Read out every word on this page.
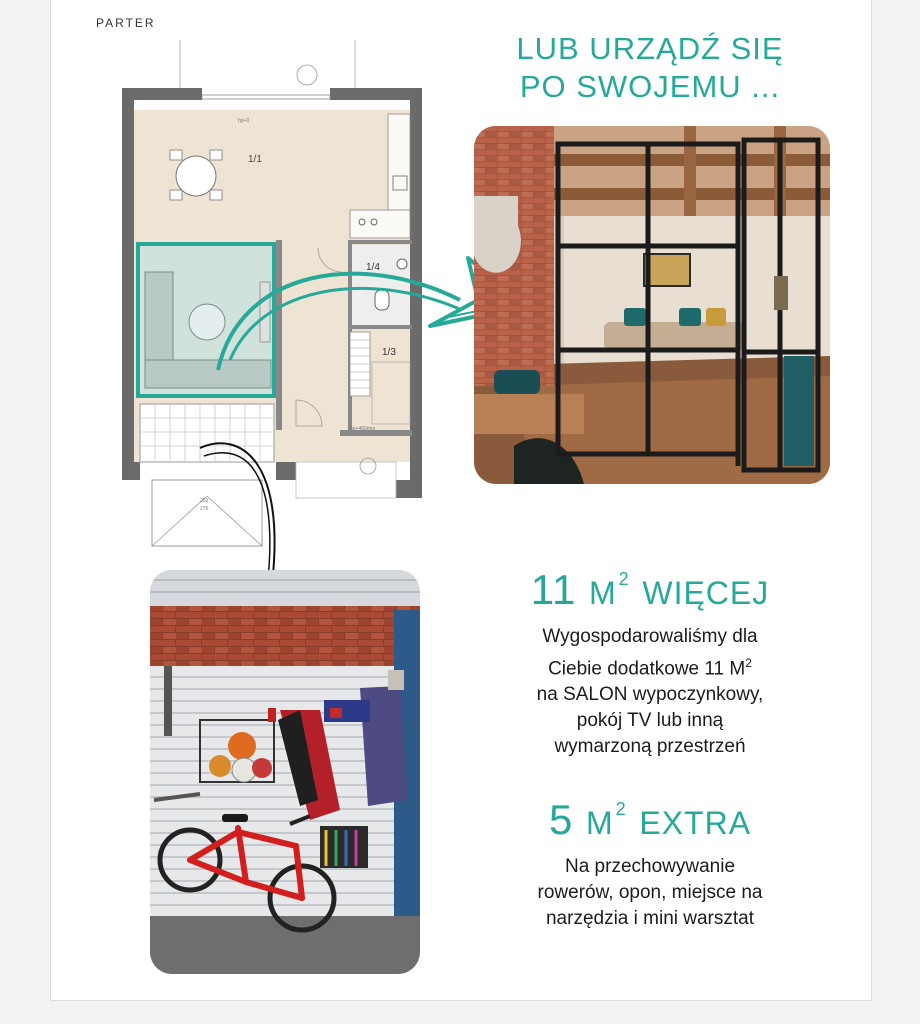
PARTER
LUB URZĄDŹ SIĘ
PO SWOJEMU ...
1/1
hp+0
1/4
1/3
hp+460mm
250
275
11 M $^2$ WIĘCEJ
Wygospodarowaliśmy dla
Ciebie dodatkowe 11 $M^2$
na SALON wypoczynkowy,
pokój TV lub inną
wymarzoną przestrzeń
5 M $^2$ EXTRA
Na przechowywanie
rowerów, opon, miejsce na
narzędzia i mini warsztat
